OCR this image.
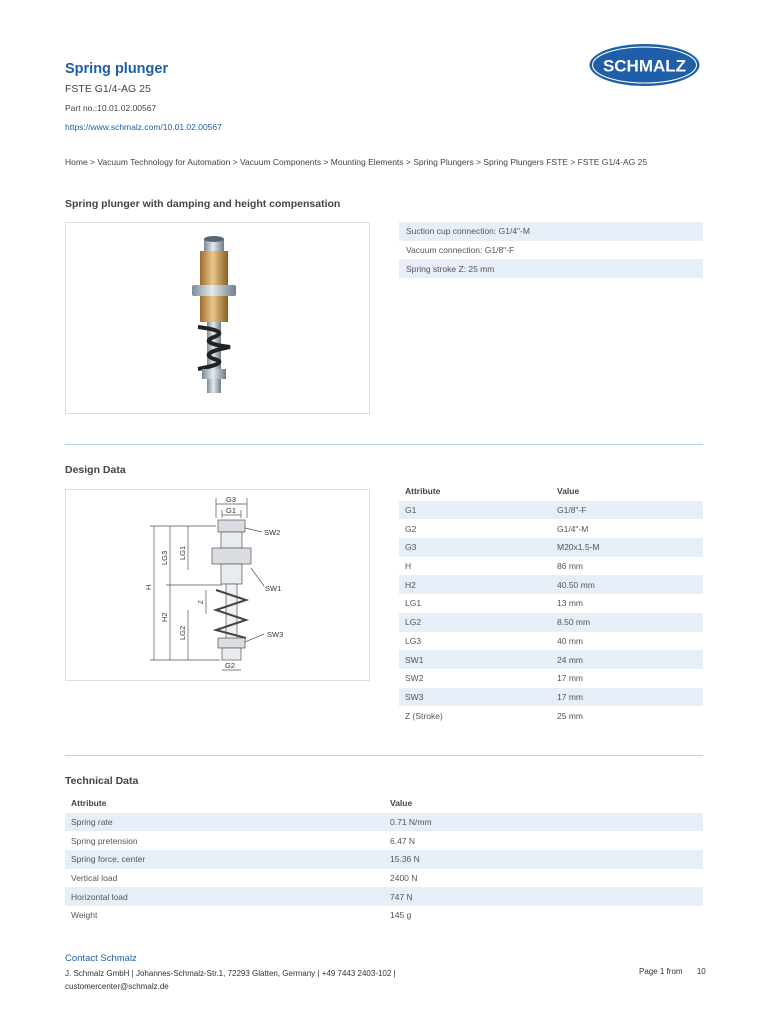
Spring plunger
FSTE G1/4-AG 25
Part no.:10.01.02.00567
https://www.schmalz.com/10.01.02.00567
SCHMALZ
Home > Vacuum Technology for Automation > Vacuum Components > Mounting Elements > Spring Plungers > Spring Plungers FSTE > FSTE G1/4-AG 25
Spring plunger with damping and height compensation
Suction cup connection: G1/4"-M
Vacuum connection: G1/8"-F
Spring stroke Z: 25 mm
Design Data
G3
G1
SW2
SW1
SW3
G2
H
LG3
H2
LG1
LG2
Z
Attribute	Value
G1	G1/8"-F
G2	G1/4"-M
G3	M20x1.5-M
H	86 mm
H2	40.50 mm
LG1	13 mm
LG2	8.50 mm
LG3	40 mm
SW1	24 mm
SW2	17 mm
SW3	17 mm
Z (Stroke)	25 mm
Technical Data
Attribute	Value
Spring rate	0.71 N/mm
Spring pretension	6.47 N
Spring force, center	15.36 N
Vertical load	2400 N
Horizontal load	747 N
Weight	145 g
Contact Schmalz
J. Schmalz GmbH | Johannes-Schmalz-Str.1, 72293 Glatten, Germany | +49 7443 2403-102 |
customercenter@schmalz.de
Page 1 from 10
